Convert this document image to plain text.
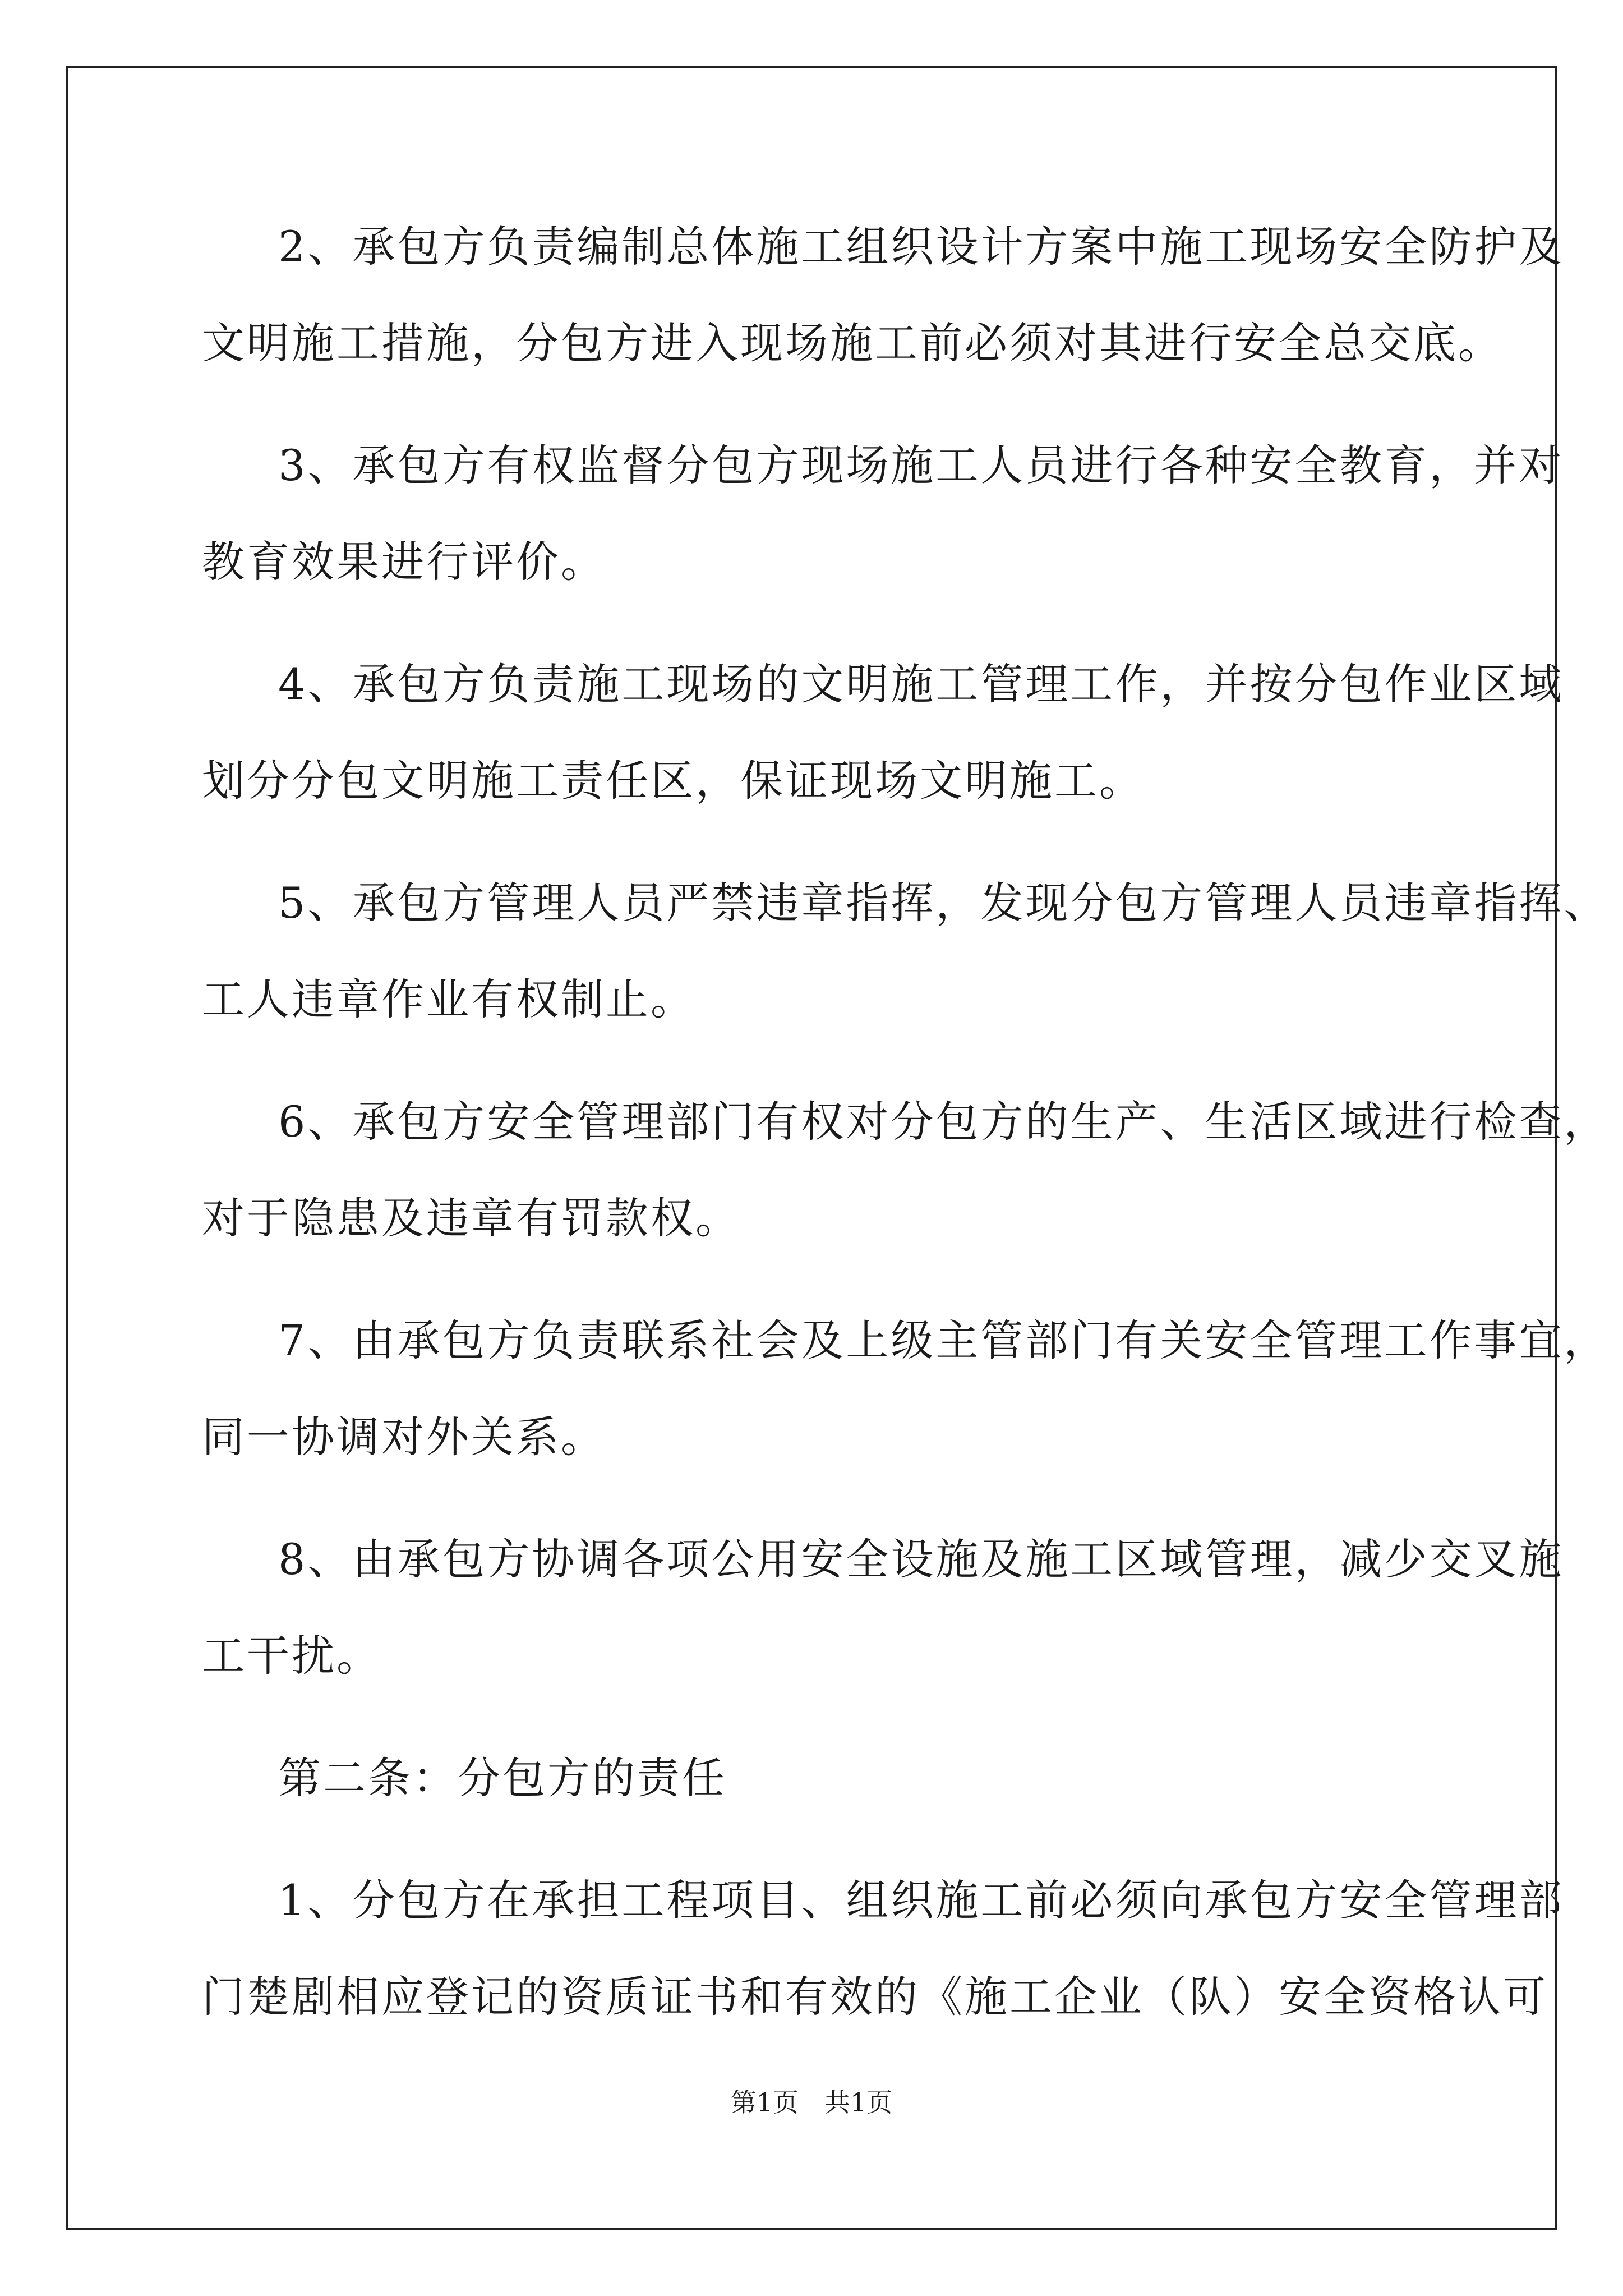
2、承包方负责编制总体施工组织设计方案中施工现场安全防护及
文明施工措施，分包方进入现场施工前必须对其进行安全总交底。
3、承包方有权监督分包方现场施工人员进行各种安全教育，并对
教育效果进行评价。
4、承包方负责施工现场的文明施工管理工作，并按分包作业区域
划分分包文明施工责任区，保证现场文明施工。
5、承包方管理人员严禁违章指挥，发现分包方管理人员违章指挥、
工人违章作业有权制止。
6、承包方安全管理部门有权对分包方的生产、生活区域进行检查，
对于隐患及违章有罚款权。
7、由承包方负责联系社会及上级主管部门有关安全管理工作事宜，
同一协调对外关系。
8、由承包方协调各项公用安全设施及施工区域管理，减少交叉施
工干扰。
第二条：分包方的责任
1、分包方在承担工程项目、组织施工前必须向承包方安全管理部
门楚剧相应登记的资质证书和有效的《施工企业（队）安全资格认可
第1页　共1页
